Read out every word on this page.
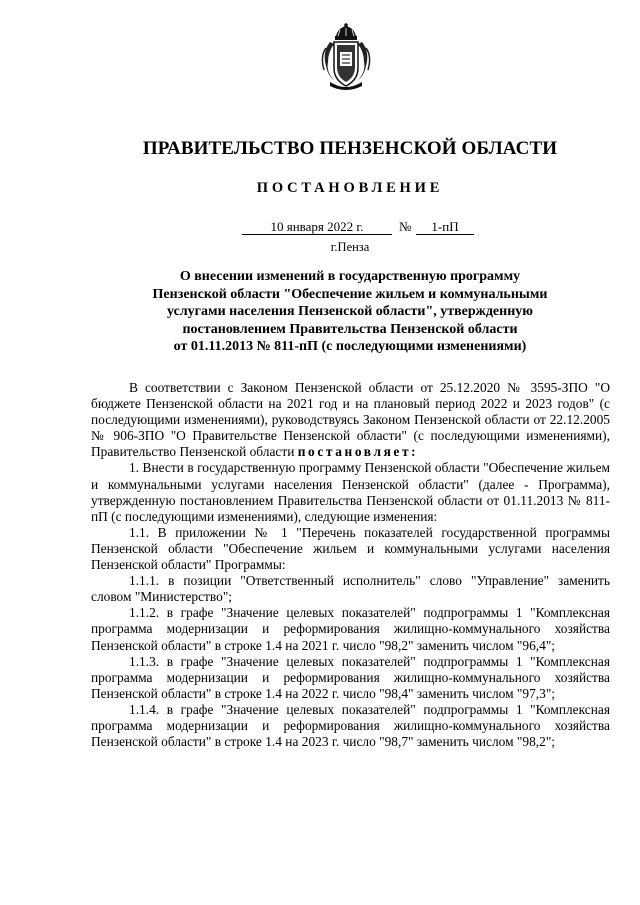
ПРАВИТЕЛЬСТВО ПЕНЗЕНСКОЙ ОБЛАСТИ
ПОСТАНОВЛЕНИЕ
10 января 2022 г.	№	1-пП
г.Пенза
О внесении изменений в государственную программу
Пензенской области "Обеспечение жильем и коммунальными
услугами населения Пензенской области", утвержденную
постановлением Правительства Пензенской области
от 01.11.2013 № 811-пП (с последующими изменениями)

В соответствии с Законом Пензенской области от 25.12.2020 № 3595-ЗПО "О бюджете Пензенской области на 2021 год и на плановый период 2022 и 2023 годов" (с последующими изменениями), руководствуясь Законом Пензенской области от 22.12.2005 № 906-ЗПО "О Правительстве Пензенской области" (с последующими изменениями), Правительство Пензенской области постановляет:

1. Внести в государственную программу Пензенской области "Обеспечение жильем и коммунальными услугами населения Пензенской области" (далее - Программа), утвержденную постановлением Правительства Пензенской области от 01.11.2013 № 811-пП (с последующими изменениями), следующие изменения:

1.1. В приложении № 1 "Перечень показателей государственной программы Пензенской области "Обеспечение жильем и коммунальными услугами населения Пензенской области" Программы:

1.1.1. в позиции "Ответственный исполнитель" слово "Управление" заменить словом "Министерство";

1.1.2. в графе "Значение целевых показателей" подпрограммы 1 "Комплексная программа модернизации и реформирования жилищно-коммунального хозяйства Пензенской области" в строке 1.4 на 2021 г. число "98,2" заменить числом "96,4";

1.1.3. в графе "Значение целевых показателей" подпрограммы 1 "Комплексная программа модернизации и реформирования жилищно-коммунального хозяйства Пензенской области" в строке 1.4 на 2022 г. число "98,4" заменить числом "97,3";

1.1.4. в графе "Значение целевых показателей" подпрограммы 1 "Комплексная программа модернизации и реформирования жилищно-коммунального хозяйства Пензенской области" в строке 1.4 на 2023 г. число "98,7" заменить числом "98,2";
